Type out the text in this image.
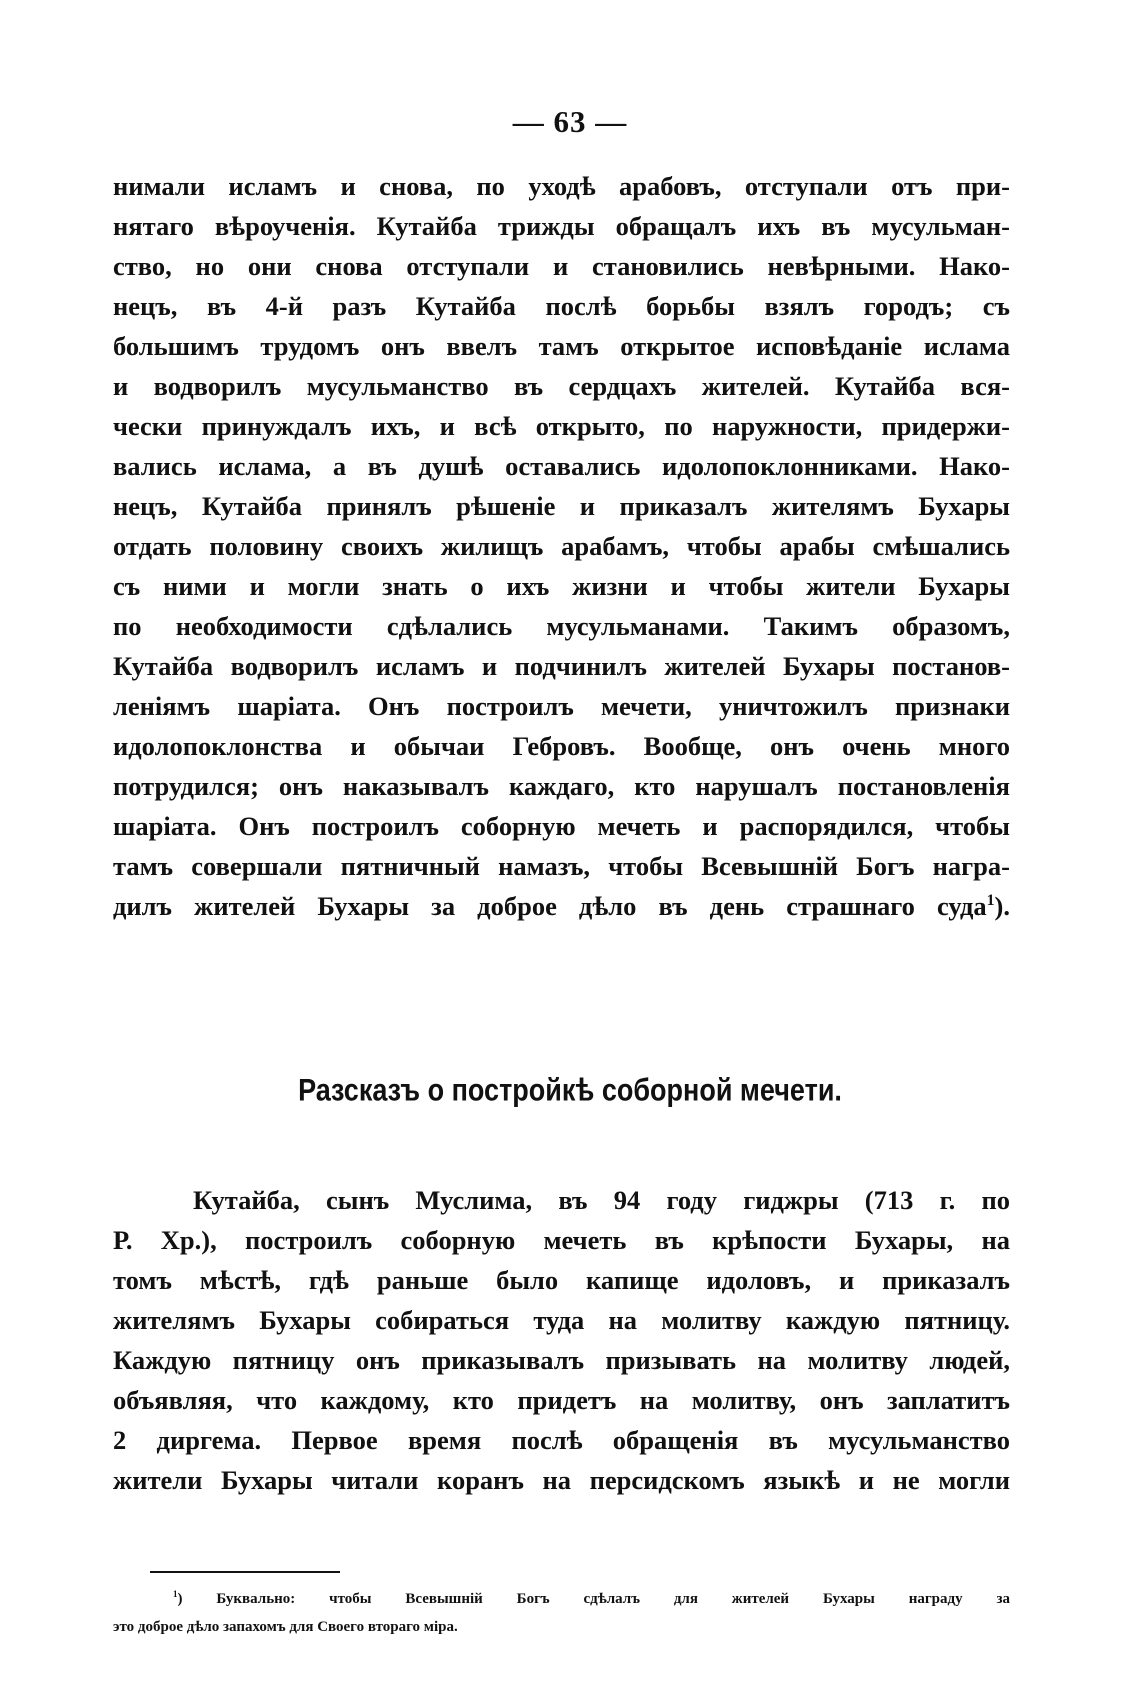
— 63 —
нимали исламъ и снова, по уходѣ арабовъ, отступали отъ при-
нятаго вѣроученія. Кутайба трижды обращалъ ихъ въ мусульман-
ство, но они снова отступали и становились невѣрными. Нако-
нецъ, въ 4-й разъ Кутайба послѣ борьбы взялъ городъ; съ
большимъ трудомъ онъ ввелъ тамъ открытое исповѣданіе ислама
и водворилъ мусульманство въ сердцахъ жителей. Кутайба вся-
чески принуждалъ ихъ, и всѣ открыто, по наружности, придержи-
вались ислама, а въ душѣ оставались идолопоклонниками. Нако-
нецъ, Кутайба принялъ рѣшеніе и приказалъ жителямъ Бухары
отдать половину своихъ жилищъ арабамъ, чтобы арабы смѣшались
съ ними и могли знать о ихъ жизни и чтобы жители Бухары
по необходимости сдѣлались мусульманами. Такимъ образомъ,
Кутайба водворилъ исламъ и подчинилъ жителей Бухары постанов-
леніямъ шаріата. Онъ построилъ мечети, уничтожилъ признаки
идолопоклонства и обычаи Гебровъ. Вообще, онъ очень много
потрудился; онъ наказывалъ каждаго, кто нарушалъ постановленія
шаріата. Онъ построилъ соборную мечеть и распорядился, чтобы
тамъ совершали пятничный намазъ, чтобы Всевышній Богъ награ-
дилъ жителей Бухары за доброе дѣло въ день страшнаго суда$^1$).
Разсказъ о постройкѣ соборной мечети.
Кутайба, сынъ Муслима, въ 94 году гиджры (713 г. по
Р. Хр.), построилъ соборную мечеть въ крѣпости Бухары, на
томъ мѣстѣ, гдѣ раньше было капище идоловъ, и приказалъ
жителямъ Бухары собираться туда на молитву каждую пятницу.
Каждую пятницу онъ приказывалъ призывать на молитву людей,
объявляя, что каждому, кто придетъ на молитву, онъ заплатитъ
2 диргема. Первое время послѣ обращенія въ мусульманство
жители Бухары читали коранъ на персидскомъ языкѣ и не могли
$^1$) Буквально: чтобы Всевышній Богъ сдѣлалъ для жителей Бухары награду за
это доброе дѣло запахомъ для Своего втораго міра.
